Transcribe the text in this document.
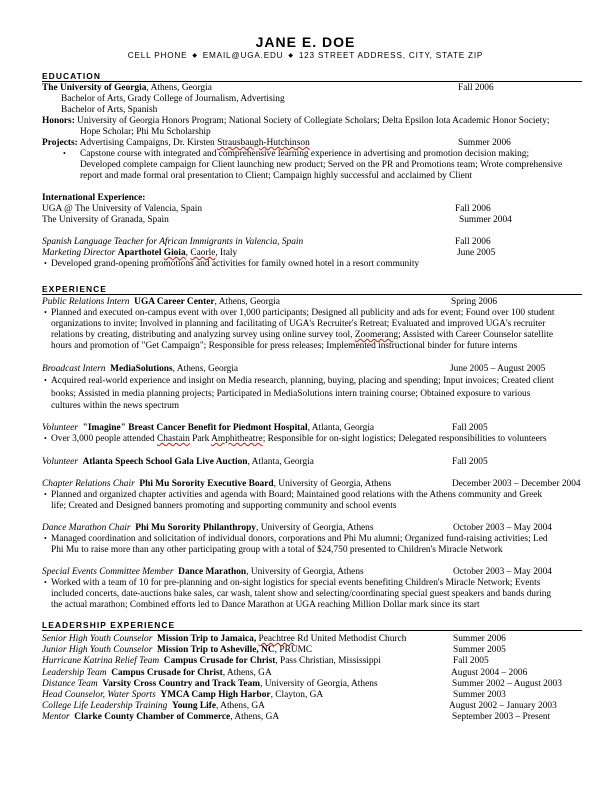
JANE E. DOE
CELL PHONE ◆ EMAIL@UGA.EDU ◆ 123 STREET ADDRESS, CITY, STATE ZIP
EDUCATION
The University of Georgia, Athens, Georgia	Fall 2006
Bachelor of Arts, Grady College of Journalism, Advertising
Bachelor of Arts, Spanish
Honors: University of Georgia Honors Program; National Society of Collegiate Scholars; Delta Epsilon Iota Academic Honor Society;
Hope Scholar; Phi Mu Scholarship
Projects: Advertising Campaigns, Dr. Kirsten Strausbaugh-Hutchinson	Summer 2006
• Capstone course with integrated and comprehensive learning experience in advertising and promotion decision making;
Developed complete campaign for Client launching new product; Served on the PR and Promotions team; Wrote comprehensive
report and made formal oral presentation to Client; Campaign highly successful and acclaimed by Client
International Experience:
UGA @ The University of Valencia, Spain	Fall 2006
The University of Granada, Spain	Summer 2004
Spanish Language Teacher for African Immigrants in Valencia, Spain	Fall 2006
Marketing Director Aparthotel Gioia, Caorle, Italy	June 2005
• Developed grand-opening promotions and activities for family owned hotel in a resort community
EXPERIENCE
Public Relations Intern UGA Career Center, Athens, Georgia	Spring 2006
• Planned and executed on-campus event with over 1,000 participants; Designed all publicity and ads for event; Found over 100 student
organizations to invite; Involved in planning and facilitating of UGA's Recruiter's Retreat; Evaluated and improved UGA's recruiter
relations by creating, distributing and analyzing survey using online survey tool, Zoomerang; Assisted with Career Counselor satellite
hours and promotion of "Get Campaign"; Responsible for press releases; Implemented instructional binder for future interns
Broadcast Intern MediaSolutions, Athens, Georgia	June 2005 – August 2005
• Acquired real-world experience and insight on Media research, planning, buying, placing and spending; Input invoices; Created client
books; Assisted in media planning projects; Participated in MediaSolutions intern training course; Obtained exposure to various
cultures within the news spectrum
Volunteer "Imagine" Breast Cancer Benefit for Piedmont Hospital, Atlanta, Georgia	Fall 2005
• Over 3,000 people attended Chastain Park Amphitheatre; Responsible for on-sight logistics; Delegated responsibilities to volunteers
Volunteer Atlanta Speech School Gala Live Auction, Atlanta, Georgia	Fall 2005
Chapter Relations Chair Phi Mu Sorority Executive Board, University of Georgia, Athens	December 2003 – December 2004
• Planned and organized chapter activities and agenda with Board; Maintained good relations with the Athens community and Greek
life; Created and Designed banners promoting and supporting community and school events
Dance Marathon Chair Phi Mu Sorority Philanthropy, University of Georgia, Athens	October 2003 – May 2004
• Managed coordination and solicitation of individual donors, corporations and Phi Mu alumni; Organized fund-raising activities; Led
Phi Mu to raise more than any other participating group with a total of $24,750 presented to Children's Miracle Network
Special Events Committee Member Dance Marathon, University of Georgia, Athens	October 2003 – May 2004
• Worked with a team of 10 for pre-planning and on-sight logistics for special events benefiting Children's Miracle Network; Events
included concerts, date-auctions bake sales, car wash, talent show and selecting/coordinating special guest speakers and bands during
the actual marathon; Combined efforts led to Dance Marathon at UGA reaching Million Dollar mark since its start
LEADERSHIP EXPERIENCE
Senior High Youth Counselor Mission Trip to Jamaica, Peachtree Rd United Methodist Church	Summer 2006
Junior High Youth Counselor Mission Trip to Asheville, NC, PRUMC	Summer 2005
Hurricane Katrina Relief Team Campus Crusade for Christ, Pass Christian, Mississippi	Fall 2005
Leadership Team Campus Crusade for Christ, Athens, GA	August 2004 – 2006
Distance Team Varsity Cross Country and Track Team, University of Georgia, Athens	Summer 2002 – August 2003
Head Counselor, Water Sports YMCA Camp High Harbor, Clayton, GA	Summer 2003
College Life Leadership Training Young Life, Athens, GA	August 2002 – January 2003
Mentor Clarke County Chamber of Commerce, Athens, GA	September 2003 – Present
